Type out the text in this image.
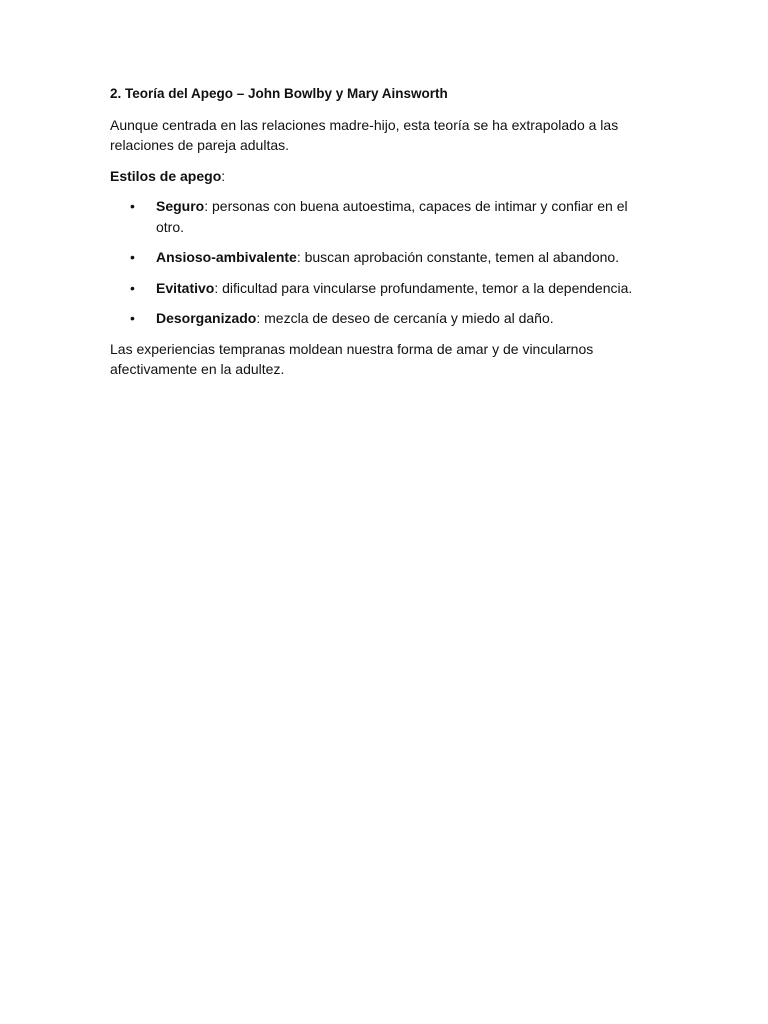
2. Teoría del Apego – John Bowlby y Mary Ainsworth

Aunque centrada en las relaciones madre-hijo, esta teoría se ha extrapolado a las relaciones de pareja adultas.

Estilos de apego:

• Seguro: personas con buena autoestima, capaces de intimar y confiar en el otro.
• Ansioso-ambivalente: buscan aprobación constante, temen al abandono.
• Evitativo: dificultad para vincularse profundamente, temor a la dependencia.
• Desorganizado: mezcla de deseo de cercanía y miedo al daño.

Las experiencias tempranas moldean nuestra forma de amar y de vincularnos afectivamente en la adultez.
